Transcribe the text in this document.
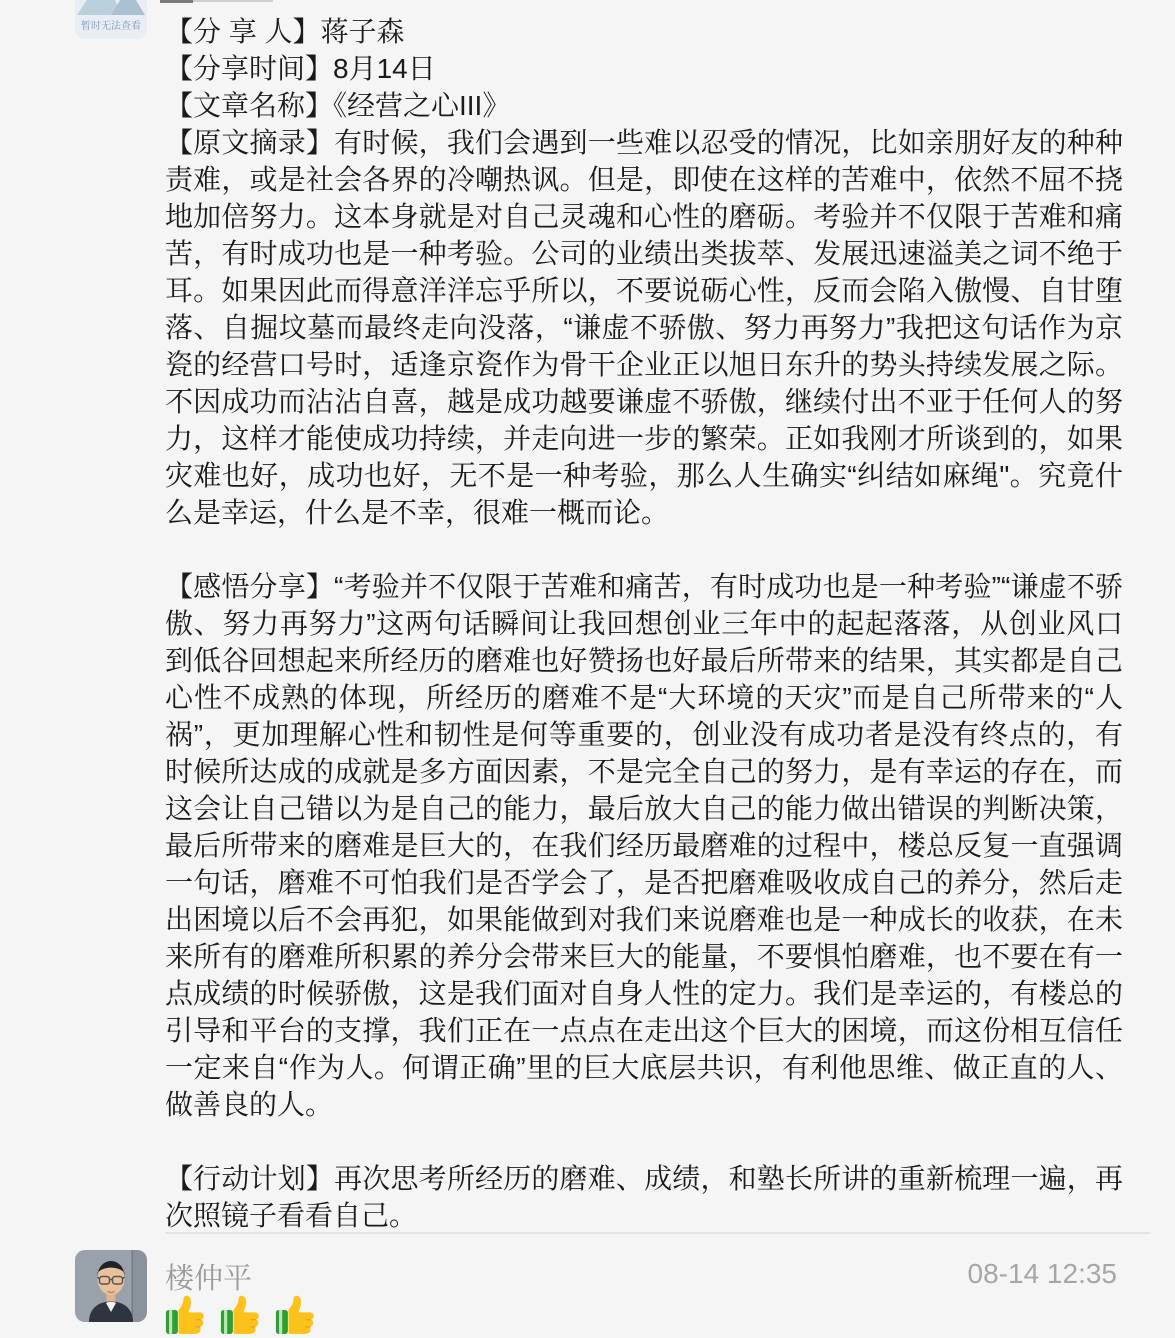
暂时无法查看 【分 享 人】蒋子森
【分享时间】8月14日
【文章名称】《经营之心III》
【原文摘录】有时候，我们会遇到一些难以忍受的情况，比如亲朋好友的种种责难，或是社会各界的冷嘲热讽。但是，即使在这样的苦难中，依然不屈不挠地加倍努力。这本身就是对自己灵魂和心性的磨砺。考验并不仅限于苦难和痛苦，有时成功也是一种考验。公司的业绩出类拔萃、发展迅速溢美之词不绝于耳。如果因此而得意洋洋忘乎所以，不要说砺心性，反而会陷入傲慢、自甘堕落、自掘坟墓而最终走向没落，“谦虚不骄傲、努力再努力”我把这句话作为京瓷的经营口号时，适逢京瓷作为骨干企业正以旭日东升的势头持续发展之际。不因成功而沾沾自喜，越是成功越要谦虚不骄傲，继续付出不亚于任何人的努力，这样才能使成功持续，并走向进一步的繁荣。正如我刚才所谈到的，如果灾难也好，成功也好，无不是一种考验，那么人生确实“纠结如麻绳"。究竟什么是幸运，什么是不幸，很难一概而论。
【感悟分享】“考验并不仅限于苦难和痛苦，有时成功也是一种考验”“谦虚不骄傲、努力再努力”这两句话瞬间让我回想创业三年中的起起落落，从创业风口到低谷回想起来所经历的磨难也好赞扬也好最后所带来的结果，其实都是自己心性不成熟的体现，所经历的磨难不是“大环境的天灾”而是自己所带来的“人祸”，更加理解心性和韧性是何等重要的，创业没有成功者是没有终点的，有时候所达成的成就是多方面因素，不是完全自己的努力，是有幸运的存在，而这会让自己错以为是自己的能力，最后放大自己的能力做出错误的判断决策，最后所带来的磨难是巨大的，在我们经历最磨难的过程中，楼总反复一直强调一句话，磨难不可怕我们是否学会了，是否把磨难吸收成自己的养分，然后走出困境以后不会再犯，如果能做到对我们来说磨难也是一种成长的收获，在未来所有的磨难所积累的养分会带来巨大的能量，不要惧怕磨难，也不要在有一点成绩的时候骄傲，这是我们面对自身人性的定力。我们是幸运的，有楼总的引导和平台的支撑，我们正在一点点在走出这个巨大的困境，而这份相互信任一定来自“作为人。何谓正确”里的巨大底层共识，有利他思维、做正直的人、做善良的人。
【行动计划】再次思考所经历的磨难、成绩，和塾长所讲的重新梳理一遍，再次照镜子看看自己。
楼仲平	08-14 12:35
